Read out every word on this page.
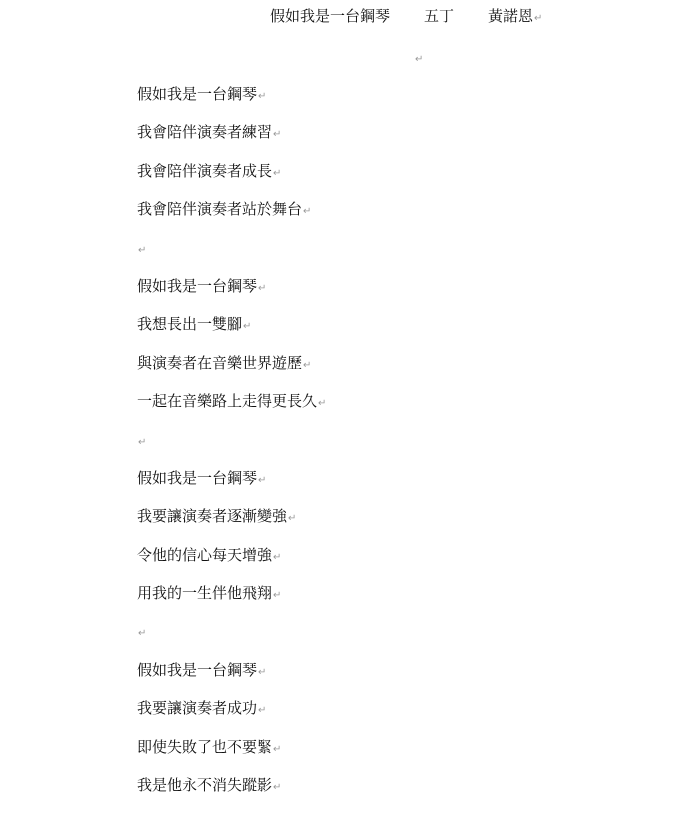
假如我是一台鋼琴 五丁 黃諾恩↵
↵
假如我是一台鋼琴↵
我會陪伴演奏者練習↵
我會陪伴演奏者成長↵
我會陪伴演奏者站於舞台↵
↵
假如我是一台鋼琴↵
我想長出一雙腳↵
與演奏者在音樂世界遊歷↵
一起在音樂路上走得更長久↵
↵
假如我是一台鋼琴↵
我要讓演奏者逐漸變強↵
令他的信心每天增強↵
用我的一生伴他飛翔↵
↵
假如我是一台鋼琴↵
我要讓演奏者成功↵
即使失敗了也不要緊↵
我是他永不消失蹤影↵
